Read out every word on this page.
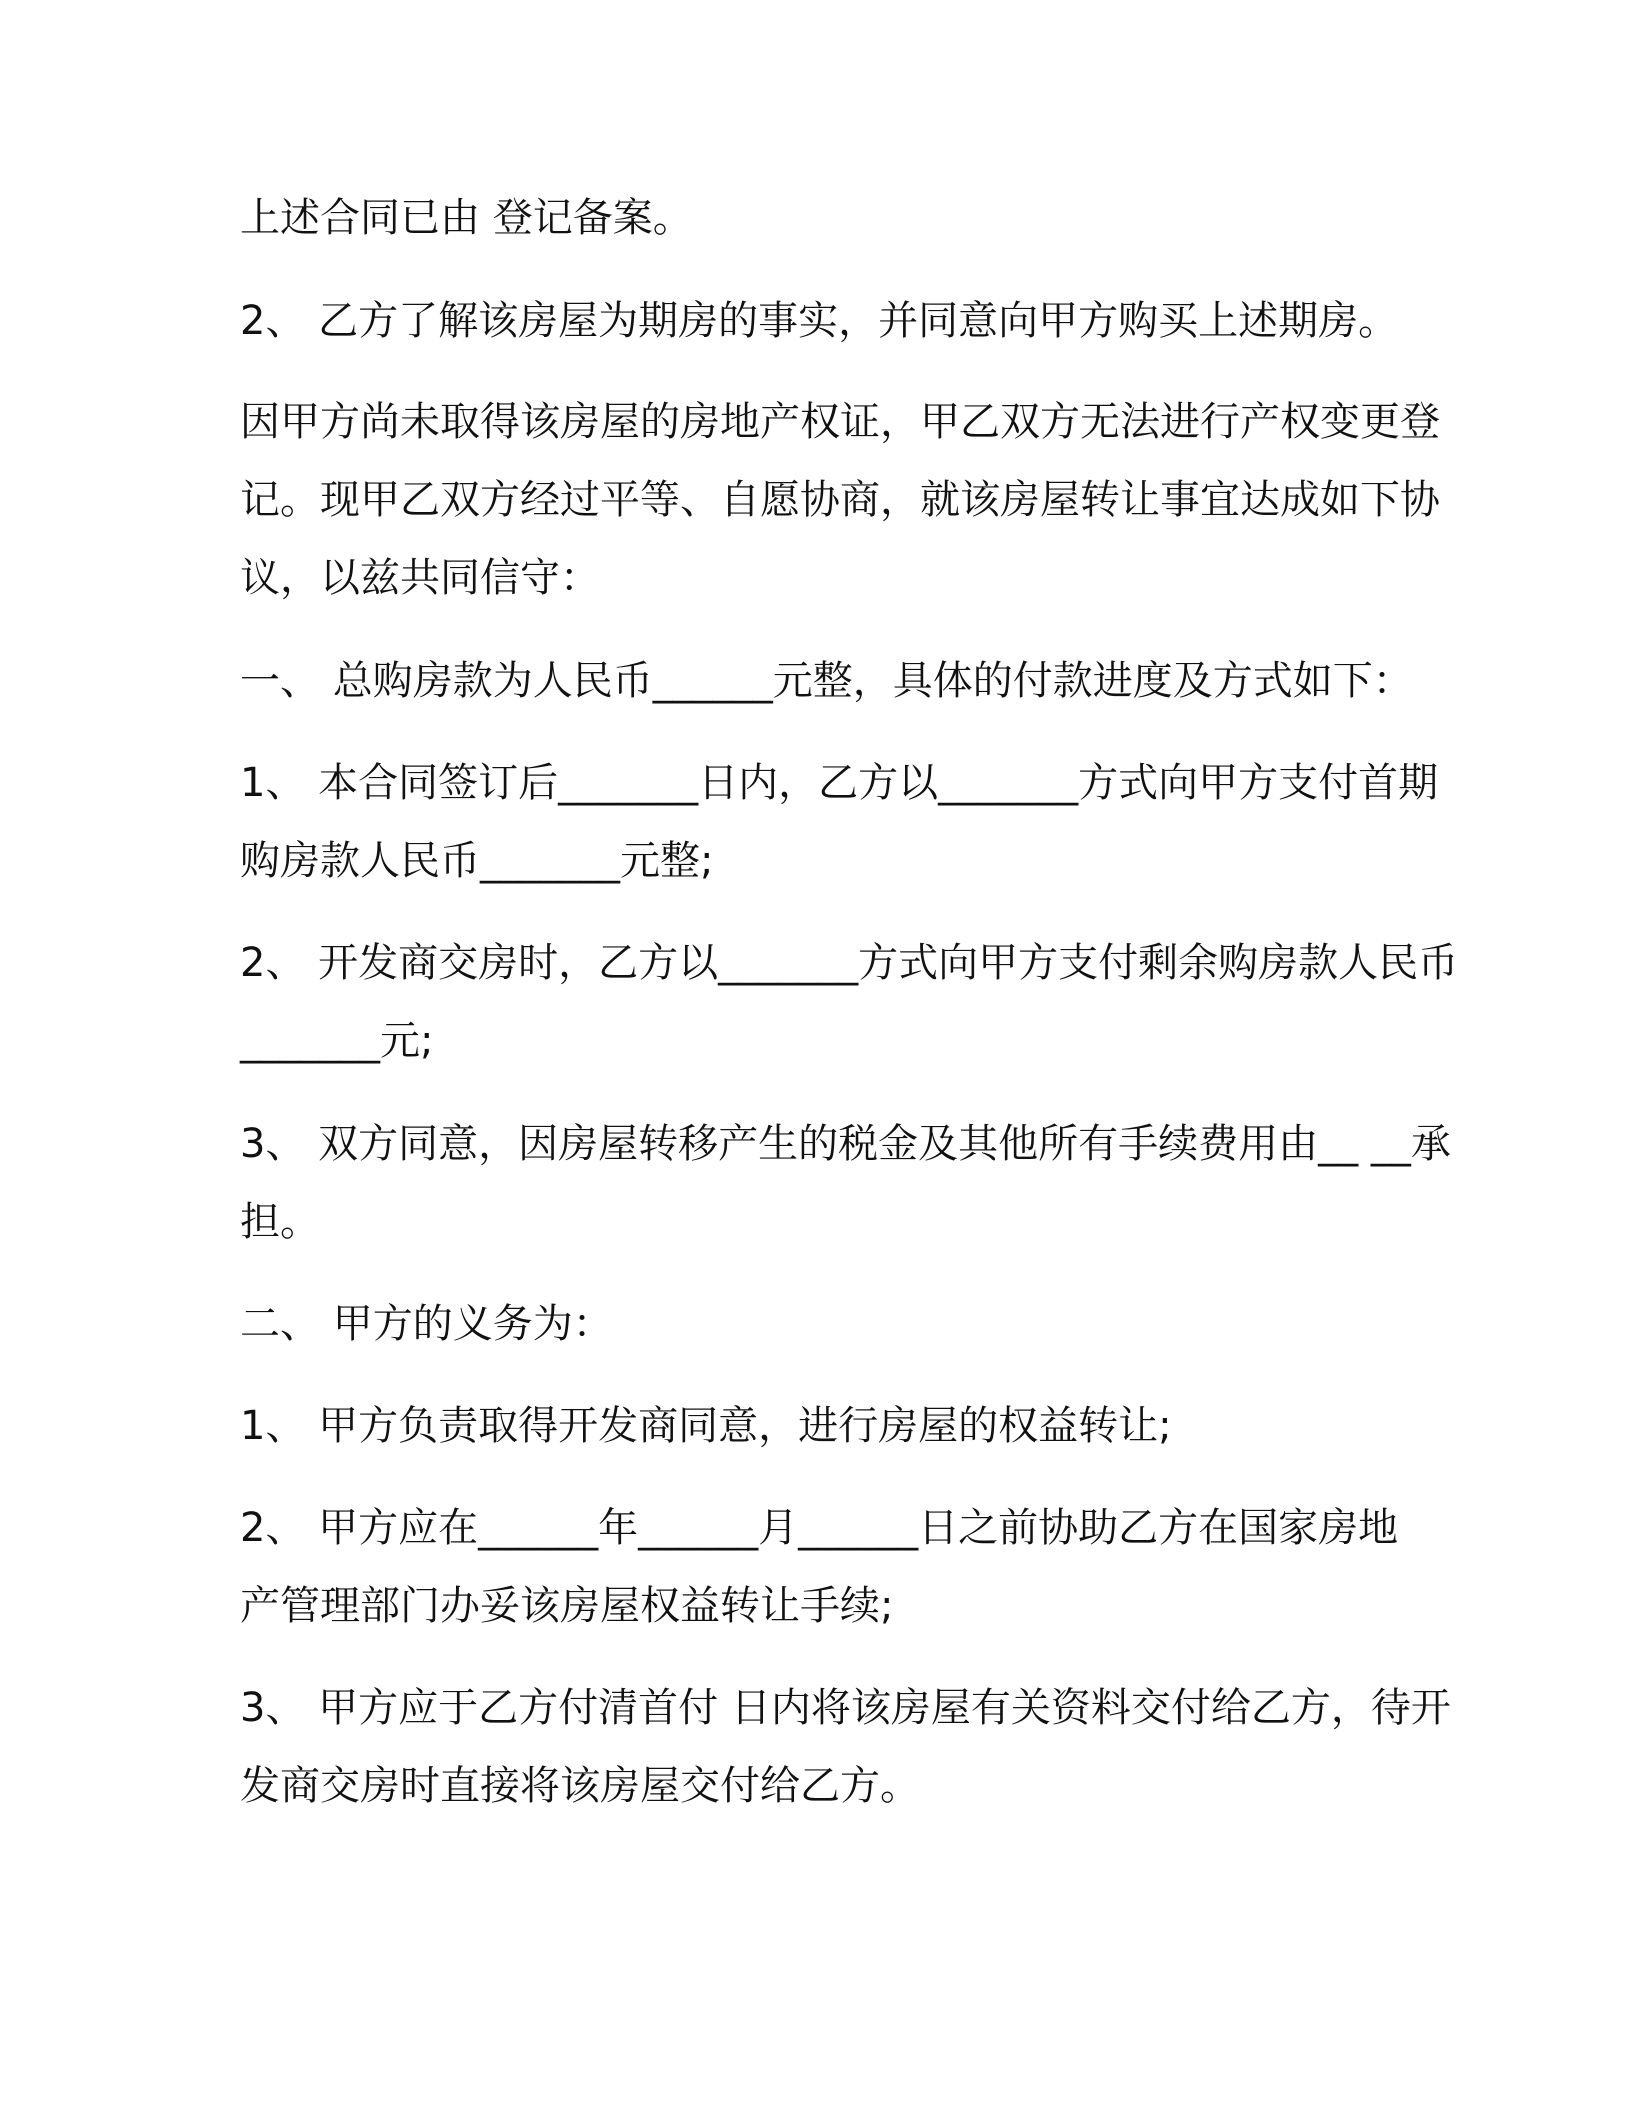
上述合同已由 登记备案。

2、 乙方了解该房屋为期房的事实，并同意向甲方购买上述期房。

因甲方尚未取得该房屋的房地产权证，甲乙双方无法进行产权变更登

记。现甲乙双方经过平等、自愿协商，就该房屋转让事宜达成如下协

议，以兹共同信守：

一、 总购房款为人民币______元整，具体的付款进度及方式如下：

1、 本合同签订后_______日内，乙方以_______方式向甲方支付首期

购房款人民币_______元整;

2、 开发商交房时，乙方以_______方式向甲方支付剩余购房款人民币

_______元;

3、 双方同意，因房屋转移产生的税金及其他所有手续费用由__ __承

担。

二、 甲方的义务为：

1、 甲方负责取得开发商同意，进行房屋的权益转让;

2、 甲方应在______年______月______日之前协助乙方在国家房地

产管理部门办妥该房屋权益转让手续;

3、 甲方应于乙方付清首付 日内将该房屋有关资料交付给乙方，待开

发商交房时直接将该房屋交付给乙方。
